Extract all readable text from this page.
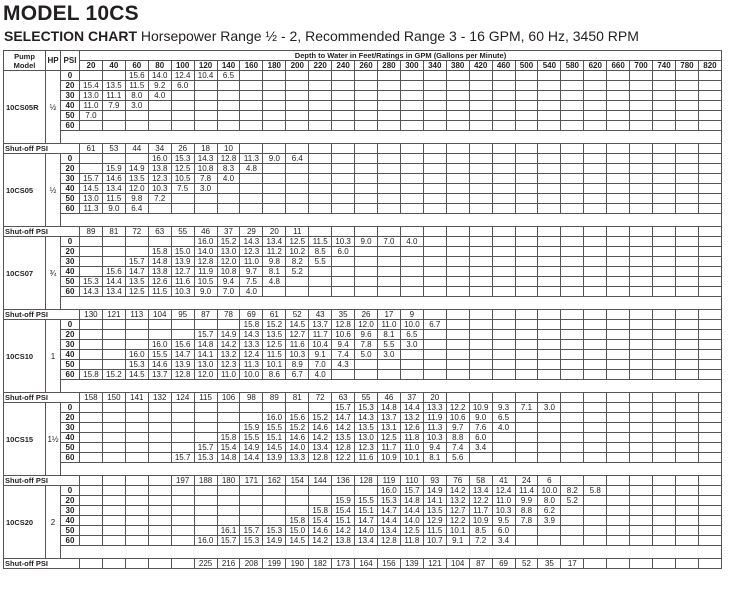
MODEL 10CS
SELECTION CHART Horsepower Range ½ - 2, Recommended Range 3 - 16 GPM, 60 Hz, 3450 RPM
Pump Model	HP	PSI	Depth to Water in Feet/Ratings in GPM (Gallons per Minute)																											
			20	40	60	80	100	120	140	160	180	200	220	240	260	280	300	340	380	420	460	500	540	580	620	660	700	740	780	820
10CS05R	½	0			15.6	14.0	12.4	10.4	6.5																					
		20	15.4	13.5	11.5	9.2	6.0																							
		30	13.0	11.1	8.0	4.0																								
		40	11.0	7.9	3.0																									
		50	7.0																											
		60																												

Shut-off PSI			61	53	44	34	26	18	10																					
10CS05	½	0				16.0	15.3	14.3	12.8	11.3	9.0	6.4																		
		20		15.9	14.9	13.8	12.5	10.8	8.3	4.8																				
		30	15.7	14.6	13.5	12.3	10.5	7.8	4.0																					
		40	14.5	13.4	12.0	10.3	7.5	3.0																						
		50	13.0	11.5	9.8	7.2																								
		60	11.3	9.0	6.4																									

Shut-off PSI			89	81	72	63	55	46	37	29	20	11																		
10CS07	¾	0						16.0	15.2	14.3	13.4	12.5	11.5	10.3	9.0	7.0	4.0													
		20				15.8	15.0	14.0	13.0	12.3	11.2	10.2	8.5	6.0																
		30			15.7	14.8	13.9	12.8	12.0	11.0	9.8	8.2	5.5																	
		40		15.6	14.7	13.8	12.7	11.9	10.8	9.7	8.1	5.2																		
		50	15.3	14.4	13.5	12.6	11.6	10.5	9.4	7.5	4.8																			
		60	14.3	13.4	12.5	11.5	10.3	9.0	7.0	4.0																				

Shut-off PSI			130	121	113	104	95	87	78	69	61	52	43	35	26	17	9													
10CS10	1	0								15.8	15.2	14.5	13.7	12.8	12.0	11.0	10.0	6.7												
		20						15.7	14.9	14.3	13.5	12.7	11.7	10.6	9.6	8.1	6.5													
		30				16.0	15.6	14.8	14.2	13.3	12.5	11.6	10.4	9.4	7.8	5.5	3.0													
		40			16.0	15.5	14.7	14.1	13.2	12.4	11.5	10.3	9.1	7.4	5.0	3.0														
		50			15.3	14.6	13.9	13.0	12.3	11.3	10.1	8.9	7.0	4.3																
		60	15.8	15.2	14.5	13.7	12.8	12.0	11.0	10.0	8.6	6.7	4.0																	

Shut-off PSI			158	150	141	132	124	115	106	98	89	81	72	63	55	46	37	20												
10CS15	1½	0												15.7	15.3	14.8	14.4	13.3	12.2	10.9	9.3	7.1	3.0							
		20									16.0	15.6	15.2	14.7	14.3	13.7	13.2	11.9	10.6	9.0	6.5									
		30								15.9	15.5	15.2	14.6	14.2	13.5	13.1	12.6	11.3	9.7	7.6	4.0									
		40							15.8	15.5	15.1	14.6	14.2	13.5	13.0	12.5	11.8	10.3	8.8	6.0										
		50						15.7	15.4	14.9	14.5	14.0	13.4	12.8	12.3	11.7	11.0	9.4	7.4	3.4										
		60					15.7	15.3	14.8	14.4	13.9	13.3	12.8	12.2	11.6	10.9	10.1	8.1	5.6											

Shut-off PSI							197	188	180	171	162	154	144	136	128	119	110	93	76	58	41	24	6							
10CS20	2	0														16.0	15.7	14.9	14.2	13.4	12.4	11.4	10.0	8.2	5.8					
		20												15.9	15.5	15.3	14.8	14.1	13.2	12.2	11.0	9.9	8.0	5.2						
		30											15.8	15.4	15.1	14.7	14.4	13.5	12.7	11.7	10.3	8.8	6.2							
		40										15.8	15.4	15.1	14.7	14.4	14.0	12.9	12.2	10.9	9.5	7.8	3.9							
		50							16.1	15.7	15.3	15.0	14.6	14.2	14.0	13.4	12.5	11.5	10.1	8.5	6.0									
		60						16.0	15.7	15.3	14.9	14.5	14.2	13.8	13.4	12.8	11.8	10.7	9.1	7.2	3.4									

Shut-off PSI								225	216	208	199	190	182	173	164	156	139	121	104	87	69	52	35	17						
